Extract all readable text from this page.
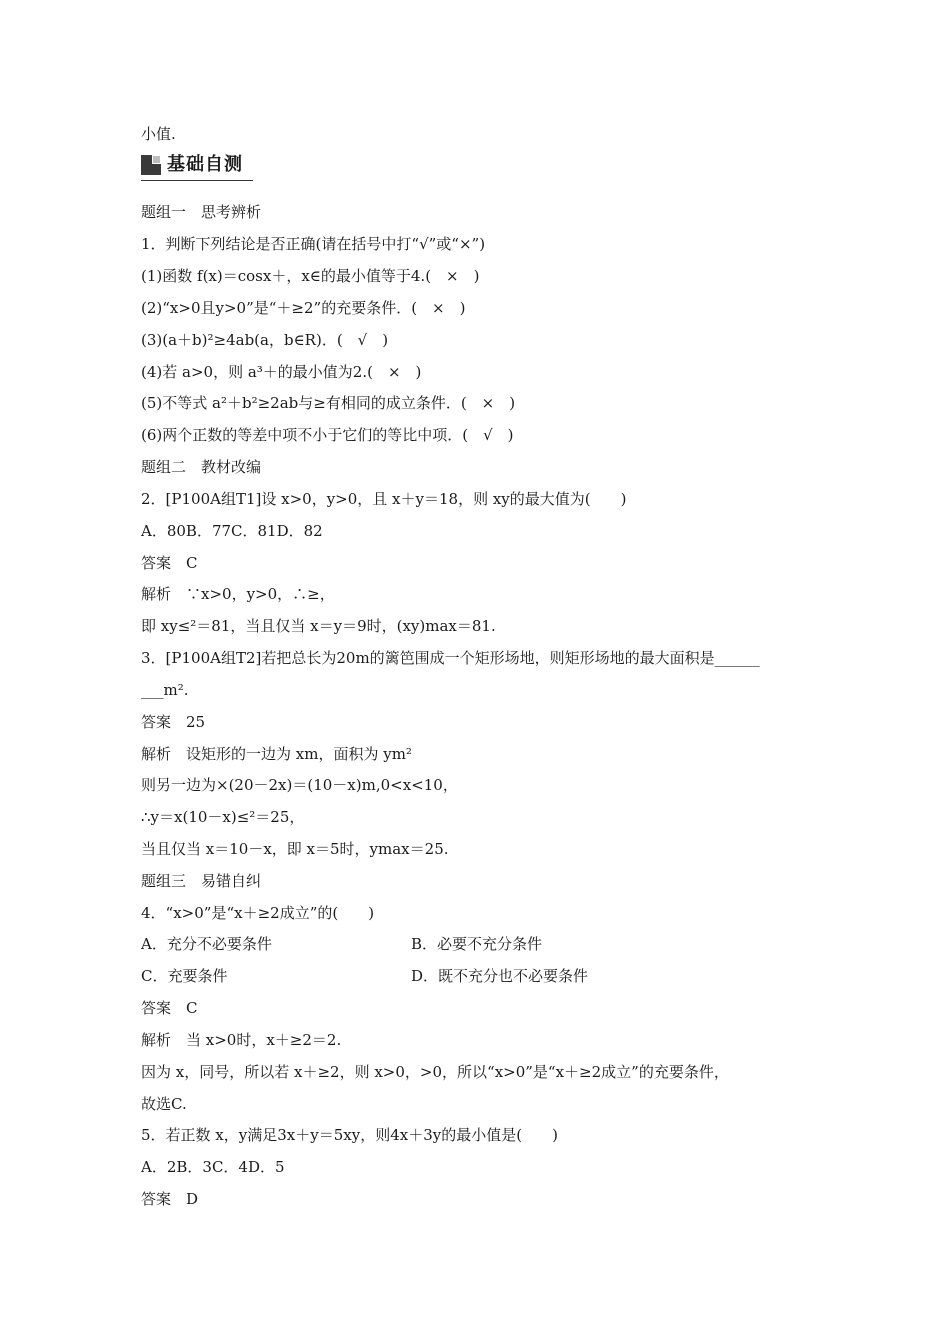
小值.
基础自测
题组一　思考辨析
1．判断下列结论是否正确(请在括号中打“√”或“×”)
(1)函数 f(x)＝cosx＋，x∈的最小值等于4.(　×　)
(2)“x>0且y>0”是“＋≥2”的充要条件．(　×　)
(3)(a＋b)²≥4ab(a，b∈R)．(　√　)
(4)若 a>0，则 a³＋的最小值为2.(　×　)
(5)不等式 a²＋b²≥2ab与≥有相同的成立条件．(　×　)
(6)两个正数的等差中项不小于它们的等比中项．(　√　)
题组二　教材改编
2．[P100A组T1]设 x>0，y>0，且 x＋y＝18，则 xy的最大值为(　　)
A．80B．77C．81D．82
答案　C
解析　∵x>0，y>0，∴≥，
即 xy≤²＝81，当且仅当 x＝y＝9时，(xy)max＝81.
3．[P100A组T2]若把总长为20m的篱笆围成一个矩形场地，则矩形场地的最大面积是______
___m².
答案　25
解析　设矩形的一边为 xm，面积为 ym²
则另一边为×(20－2x)＝(10－x)m,0<x<10，
∴y＝x(10－x)≤²＝25，
当且仅当 x＝10－x，即 x＝5时，ymax＝25.
题组三　易错自纠
4．“x>0”是“x＋≥2成立”的(　　)
A．充分不必要条件	B．必要不充分条件
C．充要条件	D．既不充分也不必要条件
答案　C
解析　当 x>0时，x＋≥2＝2.
因为 x，同号，所以若 x＋≥2，则 x>0，>0，所以“x>0”是“x＋≥2成立”的充要条件，
故选C.
5．若正数 x，y满足3x＋y＝5xy，则4x＋3y的最小值是(　　)
A．2B．3C．4D．5
答案　D
